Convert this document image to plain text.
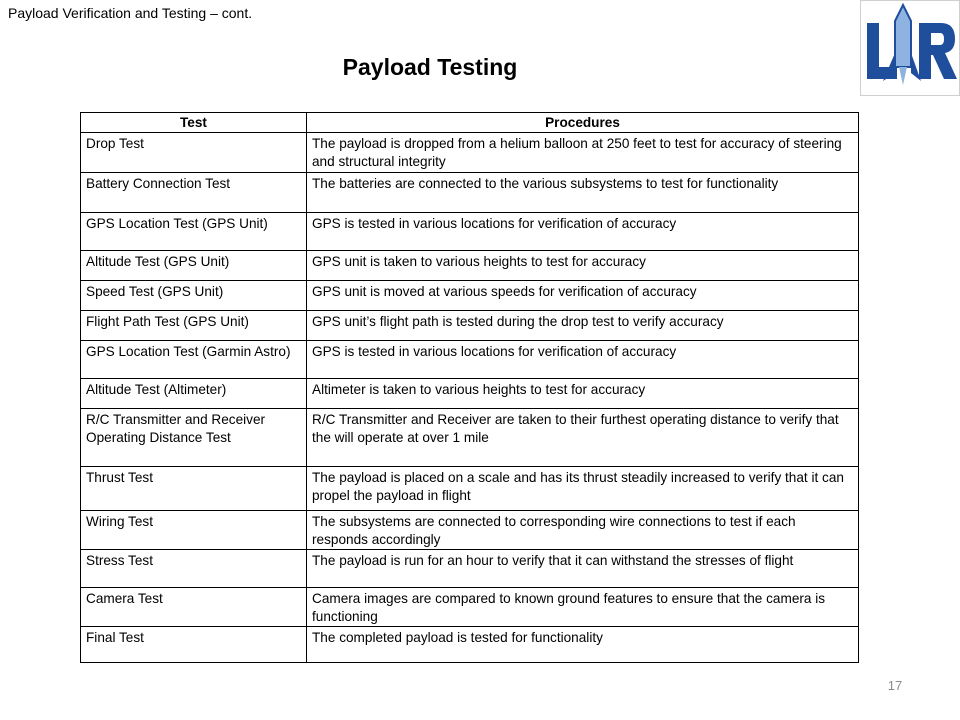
Payload Verification and Testing – cont.
Payload Testing
Test	Procedures
Drop Test	The payload is dropped from a helium balloon at 250 feet to test for accuracy of steering and structural integrity
Battery Connection Test	The batteries are connected to the various subsystems to test for functionality
GPS Location Test (GPS Unit)	GPS is tested in various locations for verification of accuracy
Altitude Test (GPS Unit)	GPS unit is taken to various heights to test for accuracy
Speed Test (GPS Unit)	GPS unit is moved at various speeds for verification of accuracy
Flight Path Test (GPS Unit)	GPS unit’s flight path is tested during the drop test to verify accuracy
GPS Location Test (Garmin Astro)	GPS is tested in various locations for verification of accuracy
Altitude Test (Altimeter)	Altimeter is taken to various heights to test for accuracy
R/C Transmitter and Receiver Operating Distance Test	R/C Transmitter and Receiver are taken to their furthest operating distance to verify that the will operate at over 1 mile
Thrust Test	The payload is placed on a scale and has its thrust steadily increased to verify that it can propel the payload in flight
Wiring Test	The subsystems are connected to corresponding wire connections to test if each responds accordingly
Stress Test	The payload is run for an hour to verify that it can withstand the stresses of flight
Camera Test	Camera images are compared to known ground features to ensure that the camera is functioning
Final Test	The completed payload is tested for functionality
17
